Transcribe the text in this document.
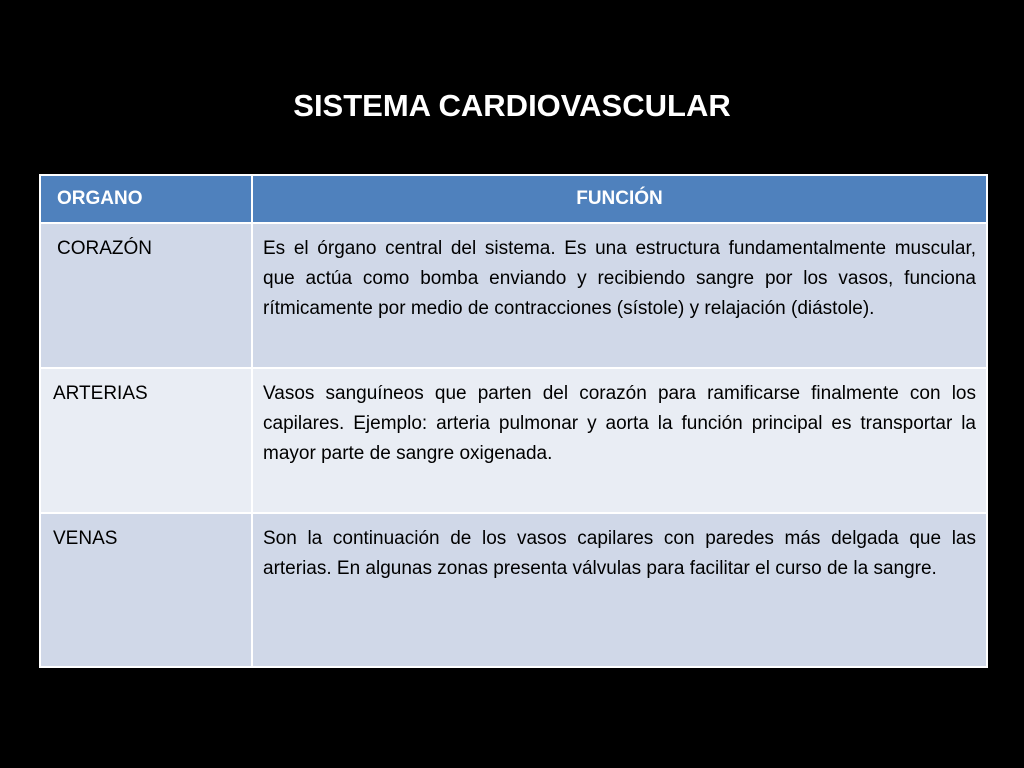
SISTEMA CARDIOVASCULAR
ORGANO	FUNCIÓN
CORAZÓN	Es el órgano central del sistema. Es una estructura fundamentalmente muscular, que actúa como bomba enviando y recibiendo sangre por los vasos, funciona rítmicamente por medio de contracciones (sístole) y relajación (diástole).
ARTERIAS	Vasos sanguíneos que parten del corazón para ramificarse finalmente con los capilares. Ejemplo: arteria pulmonar y aorta la función principal es transportar la mayor parte de sangre oxigenada.
VENAS	Son la continuación de los vasos capilares con paredes más delgada que las arterias. En algunas zonas presenta válvulas para facilitar el curso de la sangre.
